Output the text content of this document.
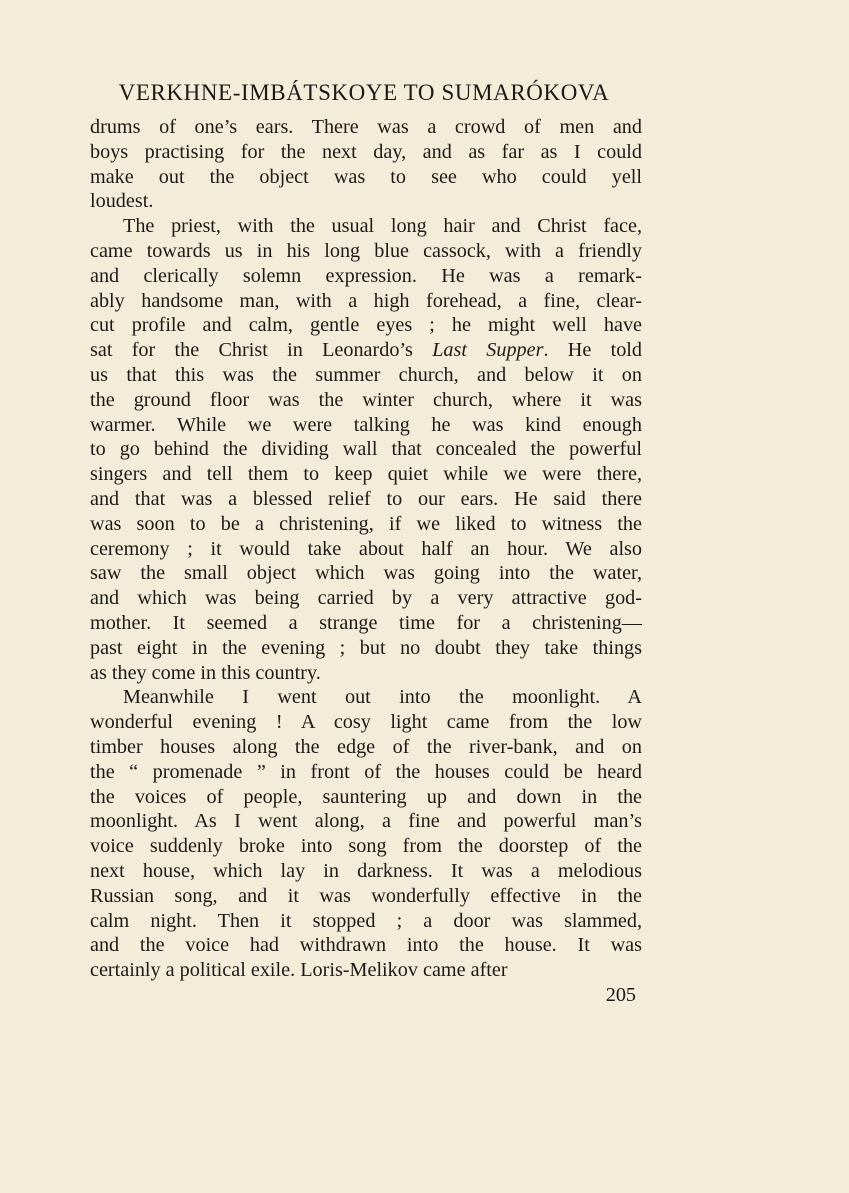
VERKHNE-IMBÁTSKOYE TO SUMARÓKOVA
drums of one’s ears. There was a crowd of men and
boys practising for the next day, and as far as I could
make out the object was to see who could yell
loudest.
The priest, with the usual long hair and Christ face,
came towards us in his long blue cassock, with a friendly
and clerically solemn expression. He was a remark-
ably handsome man, with a high forehead, a fine, clear-
cut profile and calm, gentle eyes ; he might well have
sat for the Christ in Leonardo’s Last Supper. He told
us that this was the summer church, and below it on
the ground floor was the winter church, where it was
warmer. While we were talking he was kind enough
to go behind the dividing wall that concealed the powerful
singers and tell them to keep quiet while we were there,
and that was a blessed relief to our ears. He said there
was soon to be a christening, if we liked to witness the
ceremony ; it would take about half an hour. We also
saw the small object which was going into the water,
and which was being carried by a very attractive god-
mother. It seemed a strange time for a christening—
past eight in the evening ; but no doubt they take things
as they come in this country.
Meanwhile I went out into the moonlight. A
wonderful evening ! A cosy light came from the low
timber houses along the edge of the river-bank, and on
the “ promenade ” in front of the houses could be heard
the voices of people, sauntering up and down in the
moonlight. As I went along, a fine and powerful man’s
voice suddenly broke into song from the doorstep of the
next house, which lay in darkness. It was a melodious
Russian song, and it was wonderfully effective in the
calm night. Then it stopped ; a door was slammed,
and the voice had withdrawn into the house. It was
certainly a political exile. Loris-Melikov came after
205
